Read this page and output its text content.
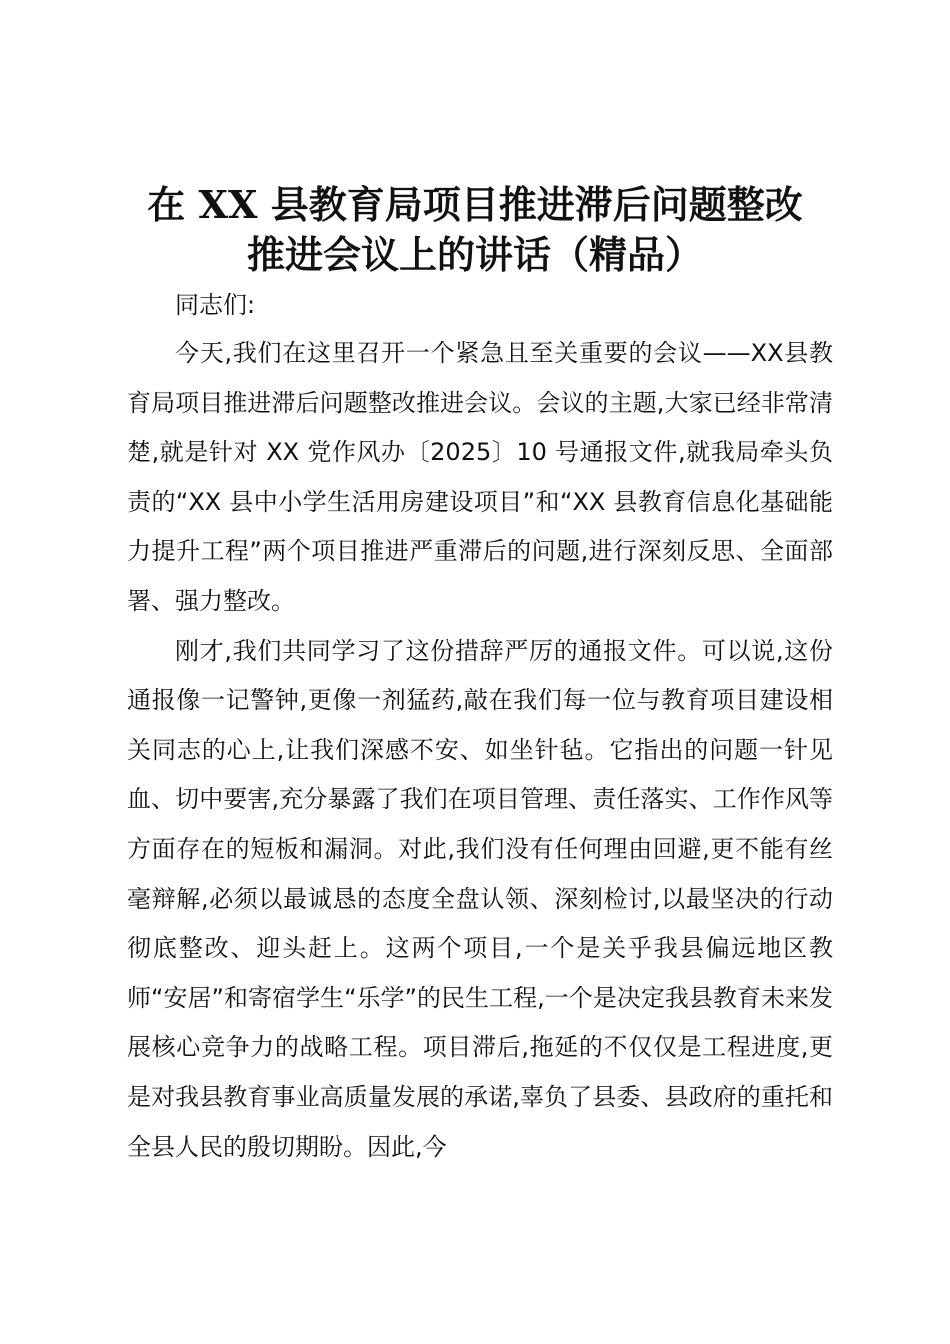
在 XX 县教育局项目推进滞后问题整改
推进会议上的讲话（精品）

同志们:

今天,我们在这里召开一个紧急且至关重要的会议——XX县教育局项目推进滞后问题整改推进会议。会议的主题,大家已经非常清楚,就是针对 XX 党作风办〔2025〕10 号通报文件,就我局牵头负责的“XX 县中小学生活用房建设项目”和“XX 县教育信息化基础能力提升工程”两个项目推进严重滞后的问题,进行深刻反思、全面部署、强力整改。

刚才,我们共同学习了这份措辞严厉的通报文件。可以说,这份通报像一记警钟,更像一剂猛药,敲在我们每一位与教育项目建设相关同志的心上,让我们深感不安、如坐针毡。它指出的问题一针见血、切中要害,充分暴露了我们在项目管理、责任落实、工作作风等方面存在的短板和漏洞。对此,我们没有任何理由回避,更不能有丝毫辩解,必须以最诚恳的态度全盘认领、深刻检讨,以最坚决的行动彻底整改、迎头赶上。这两个项目,一个是关乎我县偏远地区教师“安居”和寄宿学生“乐学”的民生工程,一个是决定我县教育未来发展核心竞争力的战略工程。项目滞后,拖延的不仅仅是工程进度,更是对我县教育事业高质量发展的承诺,辜负了县委、县政府的重托和全县人民的殷切期盼。因此,今
